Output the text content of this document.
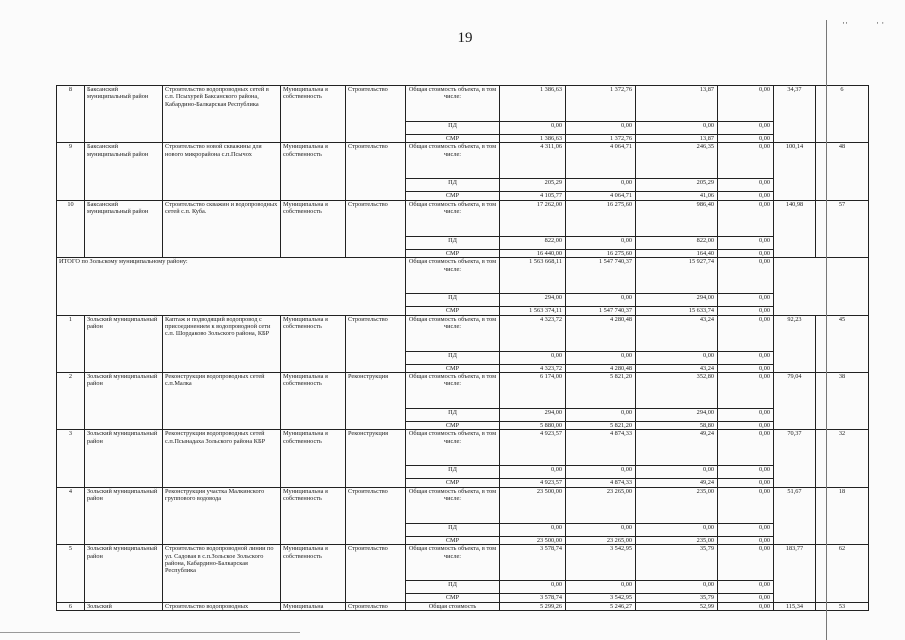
19
··	· ·
8	Баксанский муниципальный район	Строительство водопроводных сетей в с.п. Псыхурей Баксанского района, Кабардино-Балкарская Республика	Муниципальна я собственность	Строительство	Общая стоимость объекта, в том числе:	1 386,63	1 372,76	13,87	0,00	34,37	6
					ПД	0,00	0,00	0,00	0,00		
					СМР	1 386,63	1 372,76	13,87	0,00		
9	Баксанский муниципальный район	Строительство новой скважины для нового микрорайона с.п.Псычох	Муниципальна я собственность	Строительство	Общая стоимость объекта, в том числе:	4 311,06	4 064,71	246,35	0,00	100,14	48
					ПД	205,29	0,00	205,29	0,00		
					СМР	4 105,77	4 064,71	41,06	0,00		
10	Баксанский муниципальный район	Строительство скважин и водопроводных сетей с.п. Куба.	Муниципальна я собственность	Строительство	Общая стоимость объекта, в том числе:	17 262,00	16 275,60	986,40	0,00	140,98	57
					ПД	822,00	0,00	822,00	0,00		
					СМР	16 440,00	16 275,60	164,40	0,00		
ИТОГО по Зольскому муниципальному району:					Общая стоимость объекта, в том числе:	1 563 668,11	1 547 740,37	15 927,74	0,00		
					ПД	294,00	0,00	294,00	0,00		
					СМР	1 563 374,11	1 547 740,37	15 633,74	0,00		
1	Зольский муниципальный район	Каптаж и подводящий водопровод с присоединением к водопроводной сети с.п. Шордаково Зольского района, КБР	Муниципальна я собственность	Строительство	Общая стоимость объекта, в том числе:	4 323,72	4 280,48	43,24	0,00	92,23	45
					ПД	0,00	0,00	0,00	0,00		
					СМР	4 323,72	4 280,48	43,24	0,00		
2	Зольский муниципальный район	Реконструкция водопроводных сетей с.п.Малка	Муниципальна я собственность	Реконструкция	Общая стоимость объекта, в том числе:	6 174,00	5 821,20	352,80	0,00	79,04	38
					ПД	294,00	0,00	294,00	0,00		
					СМР	5 880,00	5 821,20	58,80	0,00		
3	Зольский муниципальный район	Реконструкция водопроводных сетей с.п.Псынадаха Зольского района КБР	Муниципальна я собственность	Реконструкция	Общая стоимость объекта, в том числе:	4 923,57	4 874,33	49,24	0,00	70,37	32
					ПД	0,00	0,00	0,00	0,00		
					СМР	4 923,57	4 874,33	49,24	0,00		
4	Зольский муниципальный район	Реконструкция участка Малкинского группового водовода	Муниципальна я собственность	Строительство	Общая стоимость объекта, в том числе:	23 500,00	23 265,00	235,00	0,00	51,67	18
					ПД	0,00	0,00	0,00	0,00		
					СМР	23 500,00	23 265,00	235,00	0,00		
5	Зольский муниципальный район	Строительство водопроводной линии по ул. Садовая в с.п.Зольское Зольского района, Кабардино-Балкарская Республика	Муниципальна я собственность	Строительство	Общая стоимость объекта, в том числе:	3 578,74	3 542,95	35,79	0,00	183,77	62
					ПД	0,00	0,00	0,00	0,00		
					СМР	3 578,74	3 542,95	35,79	0,00		
6	Зольский	Строительство водопроводных	Муниципальна	Строительство	Общая стоимость	5 299,26	5 246,27	52,99	0,00	115,34	53
